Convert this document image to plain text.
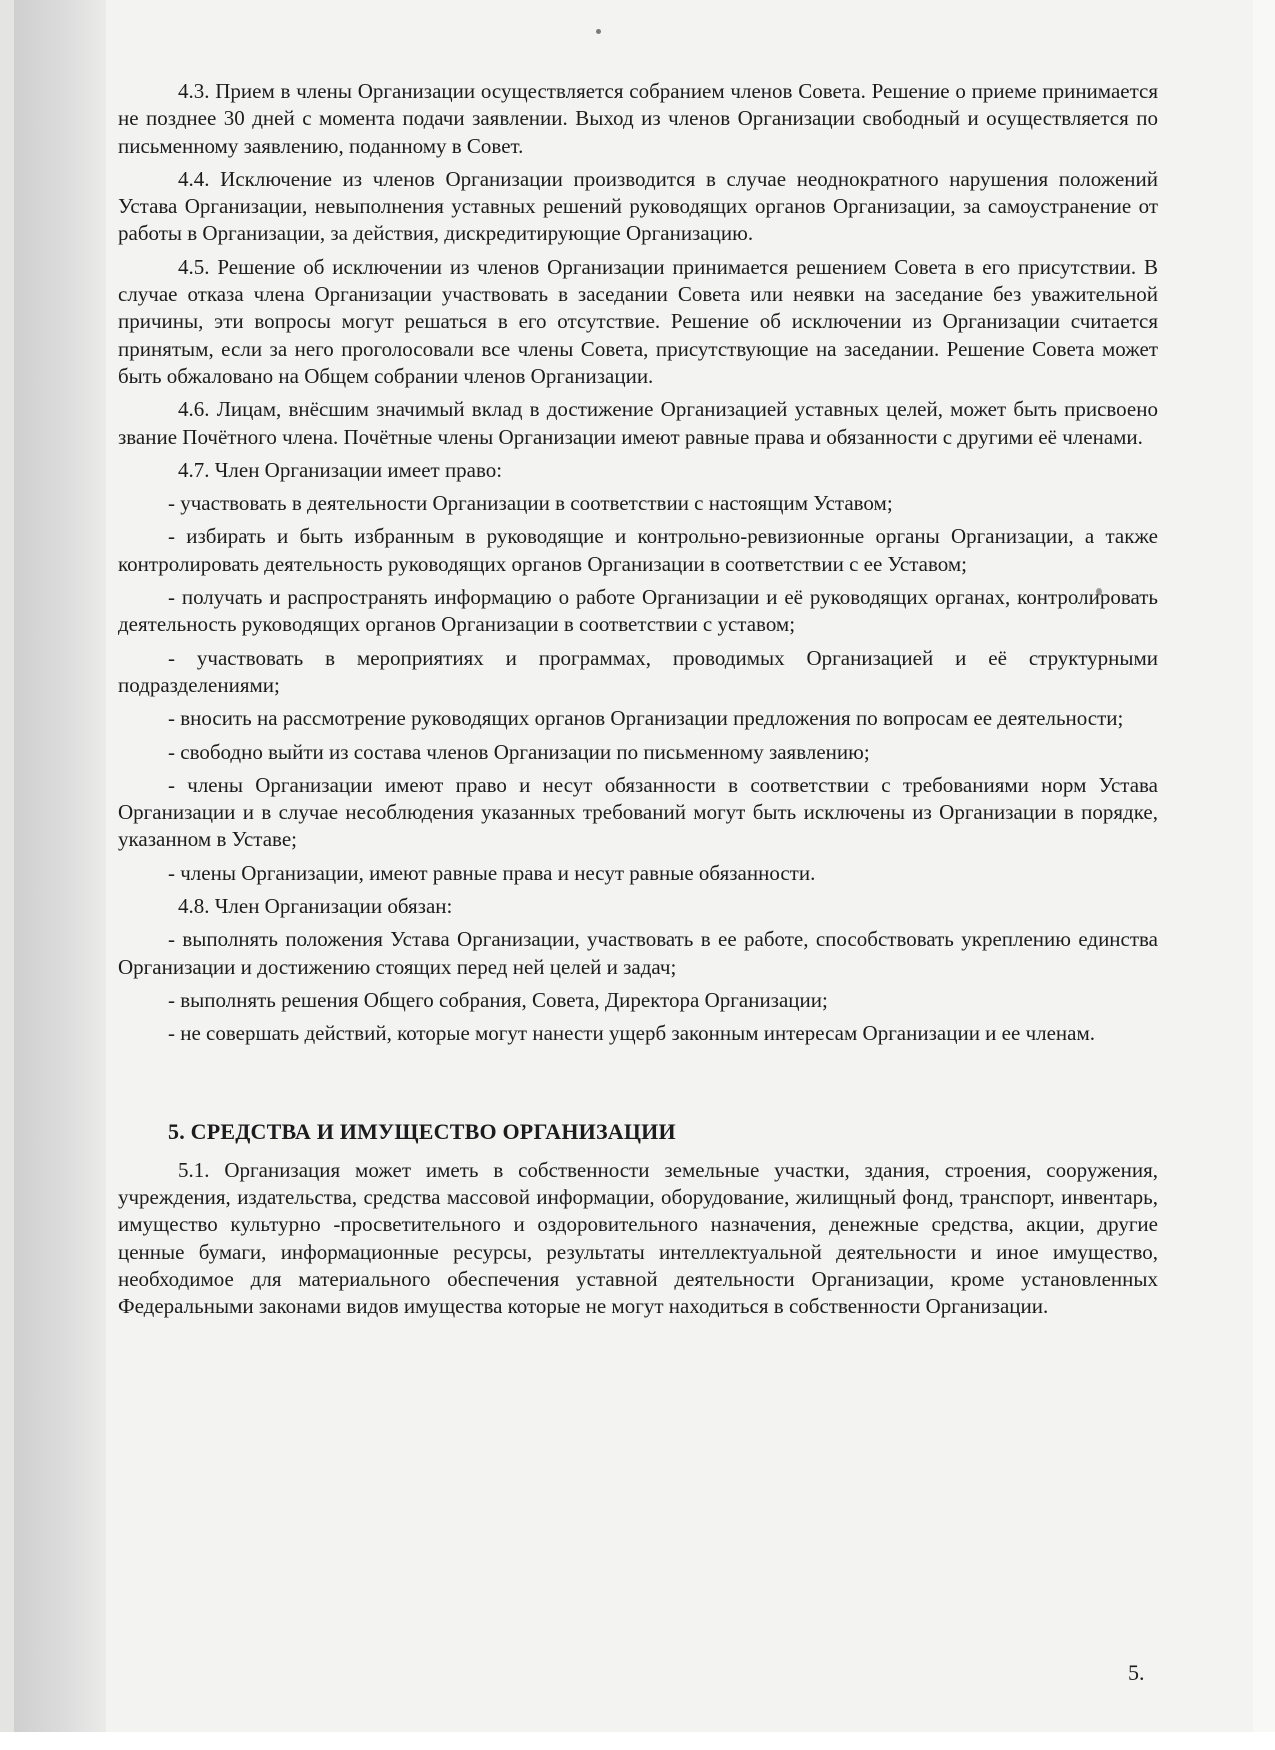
4.3. Прием в члены Организации осуществляется собранием членов Совета. Решение о приеме принимается не позднее 30 дней с момента подачи заявлении. Выход из членов Организации свободный и осуществляется по письменному заявлению, поданному в Совет.

4.4. Исключение из членов Организации производится в случае неоднократного нарушения положений Устава Организации, невыполнения уставных решений руководящих органов Организации, за самоустранение от работы в Организации, за действия, дискредитирующие Организацию.

4.5. Решение об исключении из членов Организации принимается решением Совета в его присутствии. В случае отказа члена Организации участвовать в заседании Совета или неявки на заседание без уважительной причины, эти вопросы могут решаться в его отсутствие. Решение об исключении из Организации считается принятым, если за него проголосовали все члены Совета, присутствующие на заседании. Решение Совета может быть обжаловано на Общем собрании членов Организации.

4.6. Лицам, внёсшим значимый вклад в достижение Организацией уставных целей, может быть присвоено звание Почётного члена. Почётные члены Организации имеют равные права и обязанности с другими её членами.

4.7. Член Организации имеет право:

- участвовать в деятельности Организации в соответствии с настоящим Уставом;

- избирать и быть избранным в руководящие и контрольно-ревизионные органы Организации, а также контролировать деятельность руководящих органов Организации в соответствии с ее Уставом;

- получать и распространять информацию о работе Организации и её руководящих органах, контролировать деятельность руководящих органов Организации в соответствии с уставом;

- участвовать в мероприятиях и программах, проводимых Организацией и её структурными подразделениями;

- вносить на рассмотрение руководящих органов Организации предложения по вопросам ее деятельности;

- свободно выйти из состава членов Организации по письменному заявлению;

- члены Организации имеют право и несут обязанности в соответствии с требованиями норм Устава Организации и в случае несоблюдения указанных требований могут быть исключены из Организации в порядке, указанном в Уставе;

- члены Организации, имеют равные права и несут равные обязанности.

4.8. Член Организации обязан:

- выполнять положения Устава Организации, участвовать в ее работе, способствовать укреплению единства Организации и достижению стоящих перед ней целей и задач;

- выполнять решения Общего собрания, Совета, Директора Организации;

- не совершать действий, которые могут нанести ущерб законным интересам Организации и ее членам.

5. СРЕДСТВА И ИМУЩЕСТВО ОРГАНИЗАЦИИ

5.1. Организация может иметь в собственности земельные участки, здания, строения, сооружения, учреждения, издательства, средства массовой информации, оборудование, жилищный фонд, транспорт, инвентарь, имущество культурно -просветительного и оздоровительного назначения, денежные средства, акции, другие ценные бумаги, информационные ресурсы, результаты интеллектуальной деятельности и иное имущество, необходимое для материального обеспечения уставной деятельности Организации, кроме установленных Федеральными законами видов имущества которые не могут находиться в собственности Организации.

5.
